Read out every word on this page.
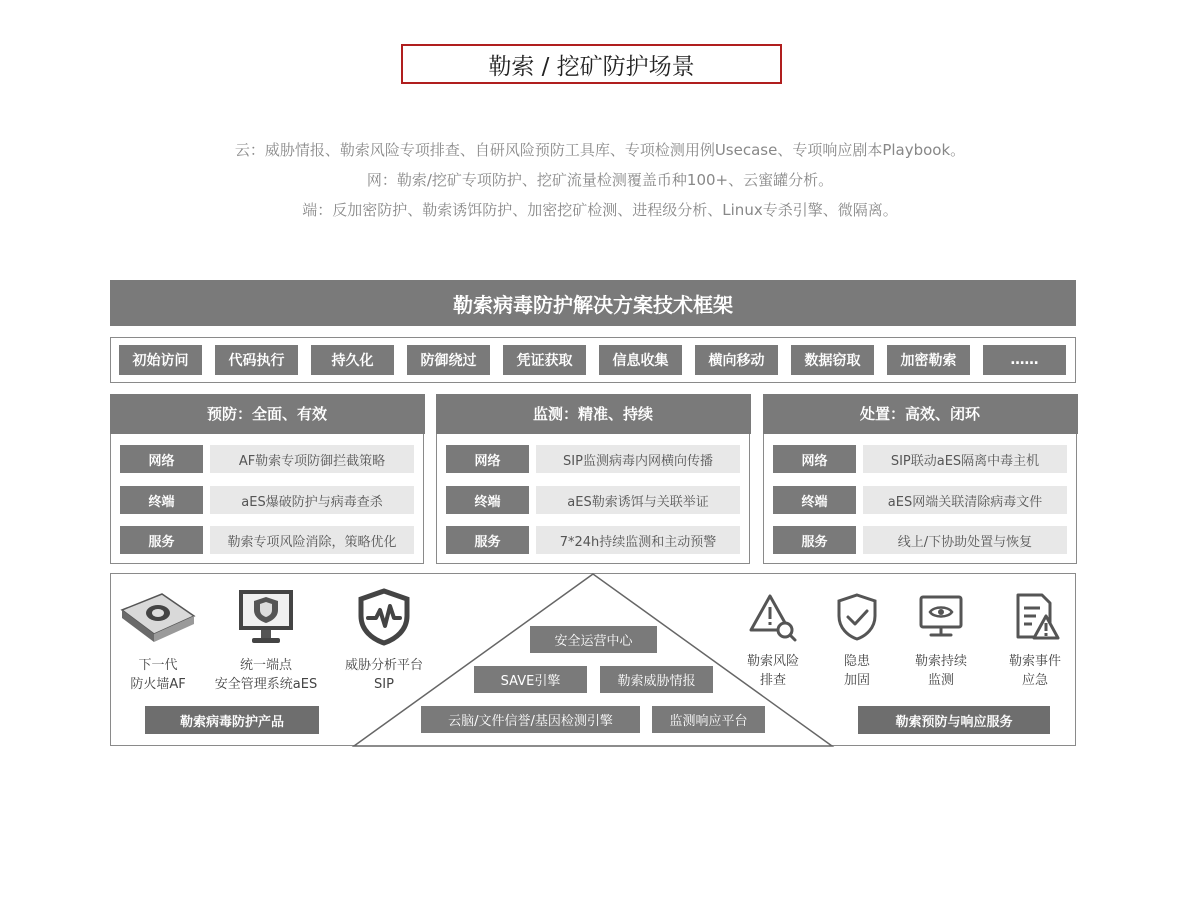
勒索 / 挖矿防护场景
云：威胁情报、勒索风险专项排查、自研风险预防工具库、专项检测用例Usecase、专项响应剧本Playbook。
网：勒索/挖矿专项防护、挖矿流量检测覆盖币种100+、云蜜罐分析。
端：反加密防护、勒索诱饵防护、加密挖矿检测、进程级分析、Linux专杀引擎、微隔离。
勒索病毒防护解决方案技术框架
初始访问	代码执行	持久化	防御绕过	凭证获取	信息收集	横向移动	数据窃取	加密勒索	……
预防：全面、有效
网络	AF勒索专项防御拦截策略
终端	aES爆破防护与病毒查杀
服务	勒索专项风险消除，策略优化
监测：精准、持续
网络	SIP监测病毒内网横向传播
终端	aES勒索诱饵与关联举证
服务	7*24h持续监测和主动预警
处置：高效、闭环
网络	SIP联动aES隔离中毒主机
终端	aES网端关联清除病毒文件
服务	线上/下协助处置与恢复
下一代
防火墙AF
统一端点
安全管理系统aES
威胁分析平台
SIP
勒索病毒防护产品
安全运营中心
SAVE引擎	勒索威胁情报
云脑/文件信誉/基因检测引擎	监测响应平台
勒索风险
排查
隐患
加固
勒索持续
监测
勒索事件
应急
勒索预防与响应服务
